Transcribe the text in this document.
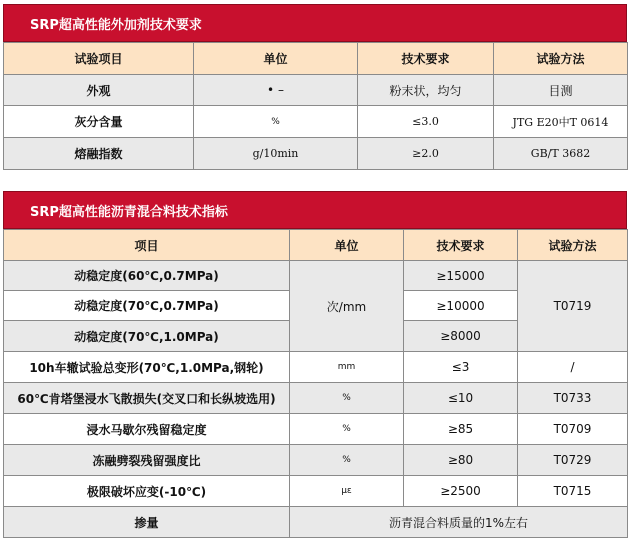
SRP超高性能外加剂技术要求
试验项目	单位	技术要求	试验方法
外观	• –	粉末状，均匀	目测
灰分含量	%	≤3.0	JTG E20中T 0614
熔融指数	g/10min	≥2.0	GB/T 3682
SRP超高性能沥青混合料技术指标
项目	单位	技术要求	试验方法
动稳定度(60℃,0.7MPa)	次/mm	≥15000	T0719
动稳定度(70℃,0.7MPa)		≥10000	
动稳定度(70℃,1.0MPa)		≥8000	
10h车辙试验总变形(70℃,1.0MPa,钢轮)	mm	≤3	/
60℃肯塔堡浸水飞散损失(交叉口和长纵坡选用)	%	≤10	T0733
浸水马歇尔残留稳定度	%	≥85	T0709
冻融劈裂残留强度比	%	≥80	T0729
极限破坏应变(-10℃)	με	≥2500	T0715
掺量	沥青混合料质量的1%左右		
